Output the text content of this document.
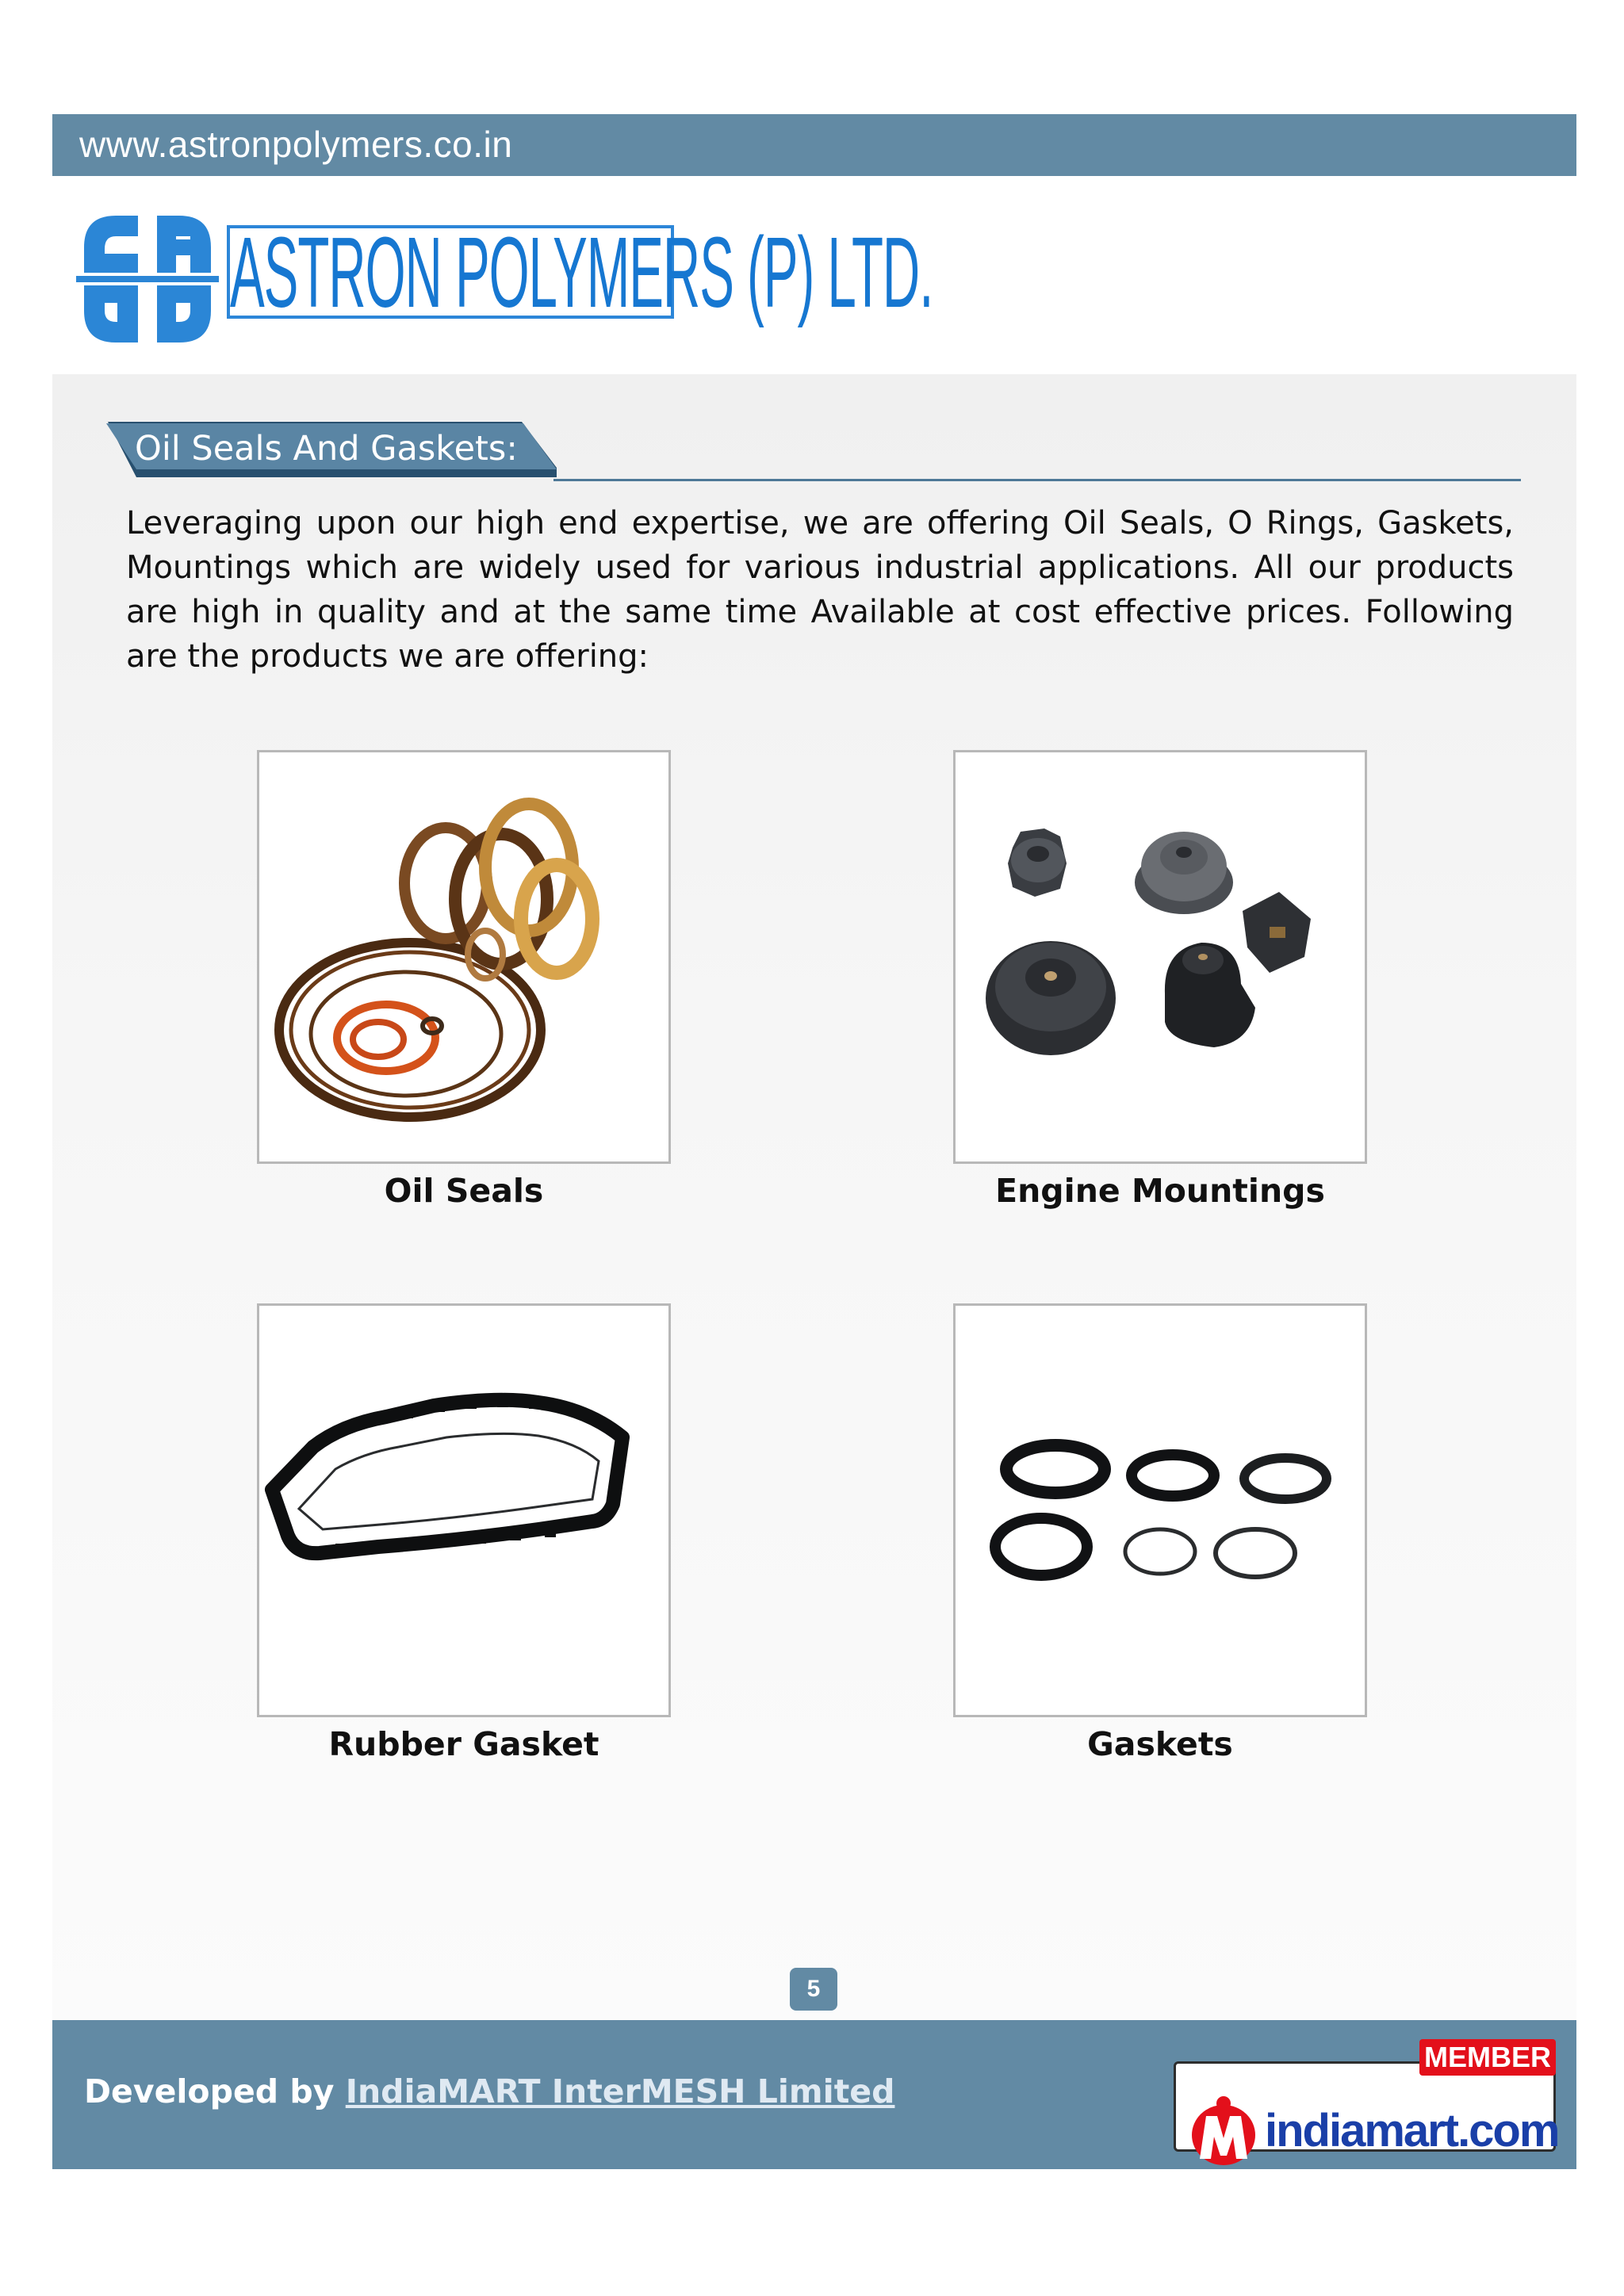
www.astronpolymers.co.in
ASTRON POLYMERS (P) LTD.
Oil Seals And Gaskets:
Leveraging upon our high end expertise, we are offering Oil Seals, O Rings, Gaskets, Mountings which are widely used for various industrial applications. All our products are high in quality and at the same time Available at cost effective prices. Following are the products we are offering:
Oil Seals	Engine Mountings
Rubber Gasket	Gaskets
5
Developed by IndiaMART InterMESH Limited
indiamart.com
MEMBER
